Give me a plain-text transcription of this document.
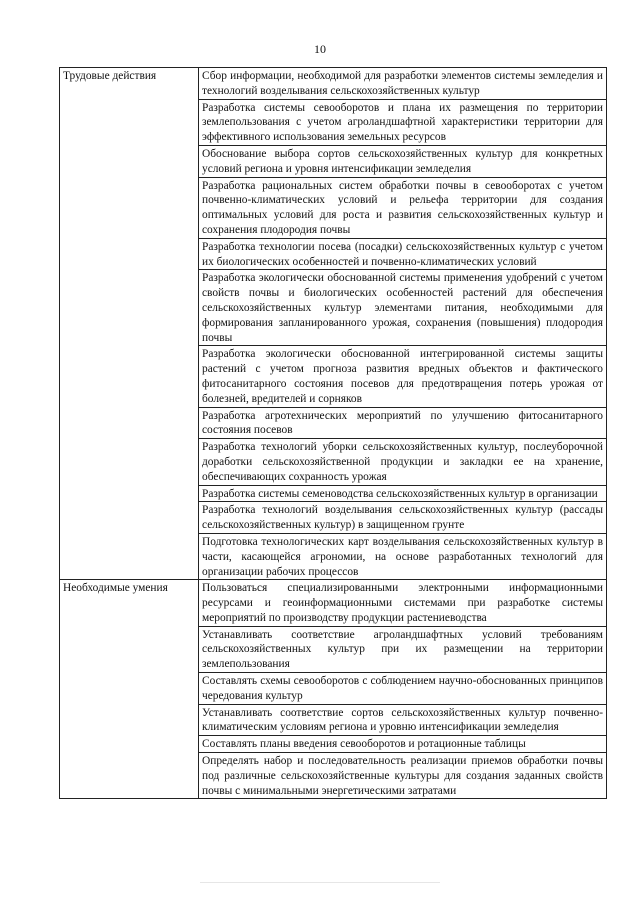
10
Трудовые действия	Сбор информации, необходимой для разработки элементов системы земледелия и технологий возделывания сельскохозяйственных культур

	Разработка системы севооборотов и плана их размещения по территории землепользования с учетом агроландшафтной характеристики территории для эффективного использования земельных ресурсов

	Обоснование выбора сортов сельскохозяйственных культур для конкретных условий региона и уровня интенсификации земледелия

	Разработка рациональных систем обработки почвы в севооборотах с учетом почвенно-климатических условий и рельефа территории для создания оптимальных условий для роста и развития сельскохозяйственных культур и сохранения плодородия почвы

	Разработка технологии посева (посадки) сельскохозяйственных культур с учетом их биологических особенностей и почвенно-климатических условий

	Разработка экологически обоснованной системы применения удобрений с учетом свойств почвы и биологических особенностей растений для обеспечения сельскохозяйственных культур элементами питания, необходимыми для формирования запланированного урожая, сохранения (повышения) плодородия почвы

	Разработка экологически обоснованной интегрированной системы защиты растений с учетом прогноза развития вредных объектов и фактического фитосанитарного состояния посевов для предотвращения потерь урожая от болезней, вредителей и сорняков

	Разработка агротехнических мероприятий по улучшению фитосанитарного состояния посевов

	Разработка технологий уборки сельскохозяйственных культур, послеуборочной доработки сельскохозяйственной продукции и закладки ее на хранение, обеспечивающих сохранность урожая

	Разработка системы семеноводства сельскохозяйственных культур в организации

	Разработка технологий возделывания сельскохозяйственных культур (рассады сельскохозяйственных культур) в защищенном грунте

	Подготовка технологических карт возделывания сельскохозяйственных культур в части, касающейся агрономии, на основе разработанных технологий для организации рабочих процессов

Необходимые умения	Пользоваться специализированными электронными информационными ресурсами и геоинформационными системами при разработке системы мероприятий по производству продукции растениеводства

	Устанавливать соответствие агроландшафтных условий требованиям сельскохозяйственных культур при их размещении на территории землепользования

	Составлять схемы севооборотов с соблюдением научно-обоснованных принципов чередования культур

	Устанавливать соответствие сортов сельскохозяйственных культур почвенно-климатическим условиям региона и уровню интенсификации земледелия

	Составлять планы введения севооборотов и ротационные таблицы

	Определять набор и последовательность реализации приемов обработки почвы под различные сельскохозяйственные культуры для создания заданных свойств почвы с минимальными энергетическими затратами
